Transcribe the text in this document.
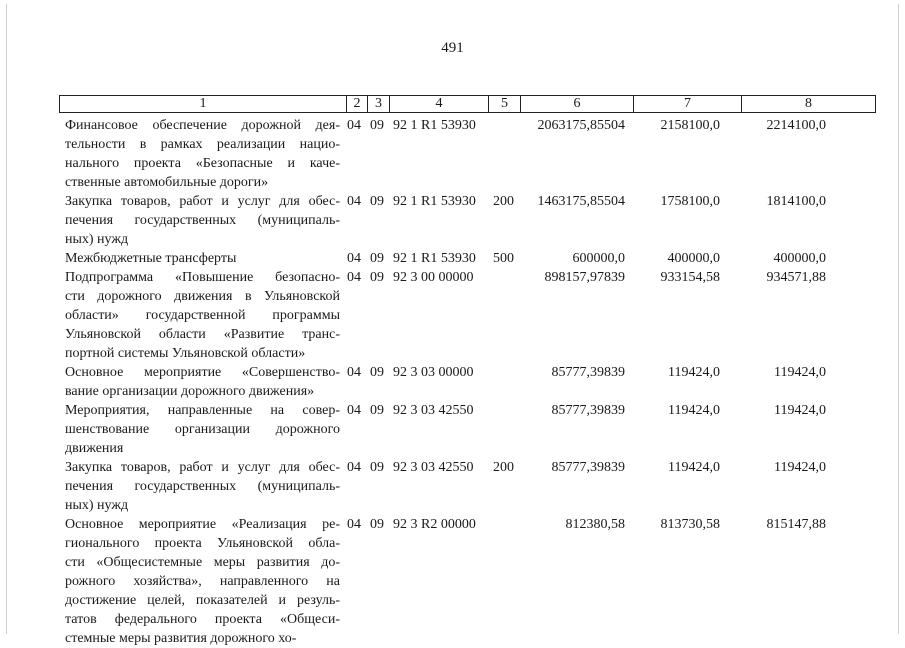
491
1	2	3	4	5	6	7	8
Финансовое обеспечение дорожной дея-
тельности в рамках реализации нацио-
нального проекта «Безопасные и каче-
ственные автомобильные дороги»
04 09 92 1 R1 53930	2063175,85504	2158100,0	2214100,0
Закупка товаров, работ и услуг для обес-
печения государственных (муниципаль-
ных) нужд
04 09 92 1 R1 53930 200	1463175,85504	1758100,0	1814100,0
Межбюджетные трансферты	04 09 92 1 R1 53930 500	600000,0	400000,0	400000,0
Подпрограмма «Повышение безопасно-
сти дорожного движения в Ульяновской
области» государственной программы
Ульяновской области «Развитие транс-
портной системы Ульяновской области»
04 09 92 3 00 00000	898157,97839	933154,58	934571,88
Основное мероприятие «Совершенство-
вание организации дорожного движения»
04 09 92 3 03 00000	85777,39839	119424,0	119424,0
Мероприятия, направленные на совер-
шенствование организации дорожного
движения
04 09 92 3 03 42550	85777,39839	119424,0	119424,0
Закупка товаров, работ и услуг для обес-
печения государственных (муниципаль-
ных) нужд
04 09 92 3 03 42550 200	85777,39839	119424,0	119424,0
Основное мероприятие «Реализация ре-
гионального проекта Ульяновской обла-
сти «Общесистемные меры развития до-
рожного хозяйства», направленного на
достижение целей, показателей и резуль-
татов федерального проекта «Общеси-
стемные меры развития дорожного хо-
04 09 92 3 R2 00000	812380,58	813730,58	815147,88
